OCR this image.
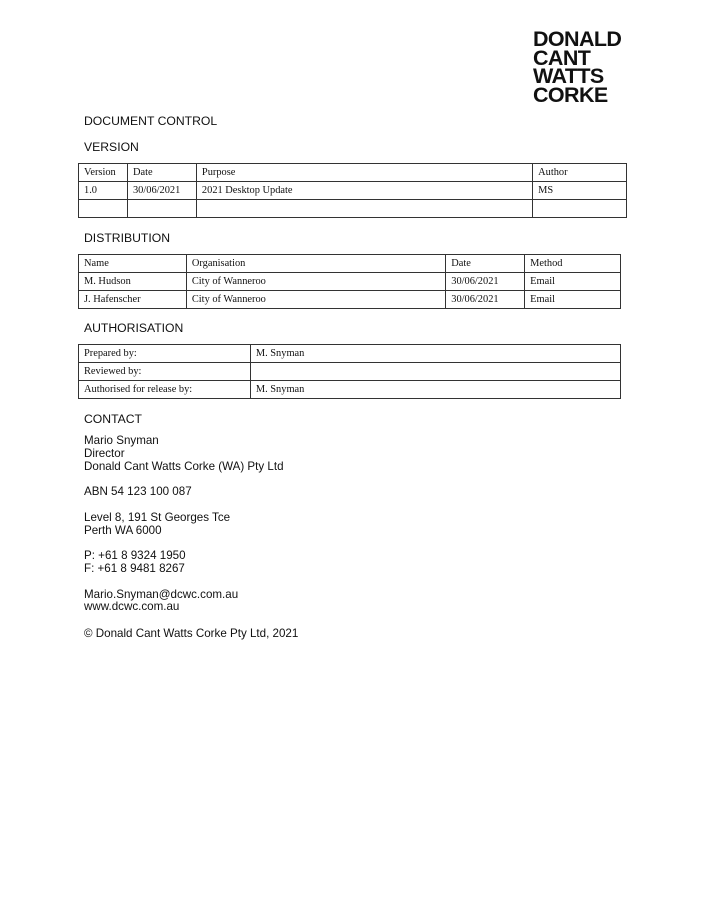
DONALD
CANT
WATTS
CORKE
DOCUMENT CONTROL
VERSION
Version	Date	Purpose	Author
1.0	30/06/2021	2021 Desktop Update	MS

DISTRIBUTION
Name	Organisation	Date	Method
M. Hudson	City of Wanneroo	30/06/2021	Email
J. Hafenscher	City of Wanneroo	30/06/2021	Email
AUTHORISATION
Prepared by:	M. Snyman
Reviewed by:	
Authorised for release by:	M. Snyman
CONTACT
Mario Snyman
Director
Donald Cant Watts Corke (WA) Pty Ltd
ABN 54 123 100 087
Level 8, 191 St Georges Tce
Perth WA 6000
P: +61 8 9324 1950
F: +61 8 9481 8267
Mario.Snyman@dcwc.com.au
www.dcwc.com.au
© Donald Cant Watts Corke Pty Ltd, 2021
